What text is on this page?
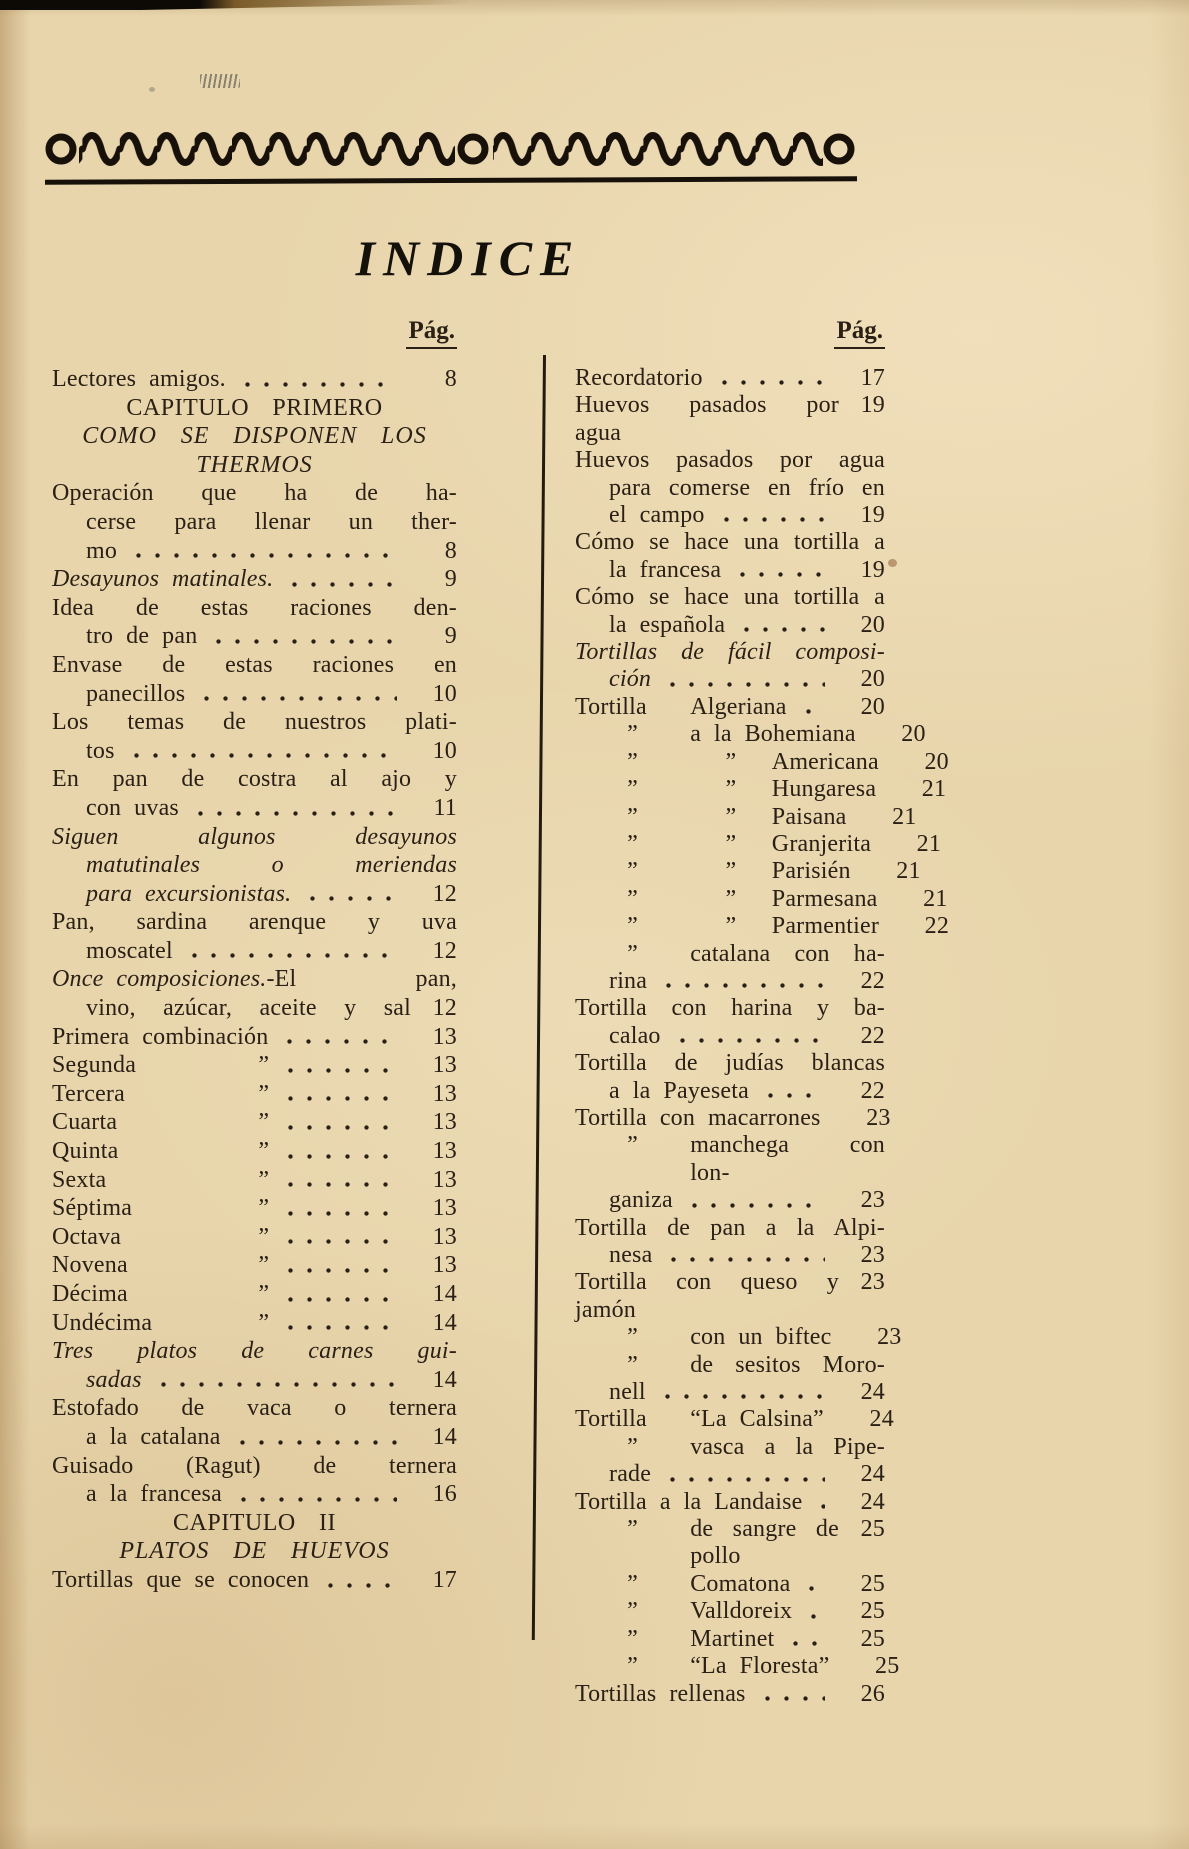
INDICE
Pág.	Pág.
Lectores amigos.	8
CAPITULO PRIMERO
COMO SE DISPONEN LOS
THERMOS
Operación que ha de ha-
cerse para llenar un ther-
mo	8
Desayunos matinales.	9
Idea de estas raciones den-
tro de pan	9
Envase de estas raciones en
panecillos	10
Los temas de nuestros plati-
tos	10
En pan de costra al ajo y
con uvas	11
Siguen algunos desayunos
matutinales o meriendas
para excursionistas.	12
Pan, sardina arenque y uva
moscatel	12
Once composiciones. -El pan,
vino, azúcar, aceite y sal 12
Primera combinación	13
Segunda	”	13
Tercera	”	13
Cuarta	”	13
Quinta	”	13
Sexta	”	13
Séptima	”	13
Octava	”	13
Novena	”	13
Décima	”	14
Undécima	”	14
Tres platos de carnes gui-
sadas	14
Estofado de vaca o ternera
a la catalana	14
Guisado (Ragut) de ternera
a la francesa	16
CAPITULO II
PLATOS DE HUEVOS
Tortillas que se conocen	17
Recordatorio	17
Huevos pasados por agua
19
Huevos pasados por agua
para comerse en frío en
el campo	19
Cómo se hace una tortilla a
la francesa	19
Cómo se hace una tortilla a
la española	20
Tortillas de fácil composi-
ción	20
Tortilla	Algeriana	20
”	a la Bohemiana	20
”	”	Americana	20
”	”	Hungaresa	21
”	”	Paisana	21
”	”	Granjerita	21
”	”	Parisién	21
”	”	Parmesana	21
”	”	Parmentier	22
”	catalana con ha-
rina	22
Tortilla con harina y ba-
calao	22
Tortilla de judías blancas
a la Payeseta	22
Tortilla con macarrones	23
”	manchega con lon-
ganiza	23
Tortilla de pan a la Alpi-
nesa	23
Tortilla con queso y jamón
23
”	con un biftec	23
”	de sesitos Moro-
nell	24
Tortilla	“La Calsina”	24
”	vasca a la Pipe-
rade	24
Tortilla a la Landaise	24
”	de sangre de pollo
25
”	Comatona	25
”	Valldoreix	25
”	Martinet	25
”	“La Floresta”	25
Tortillas rellenas	26
